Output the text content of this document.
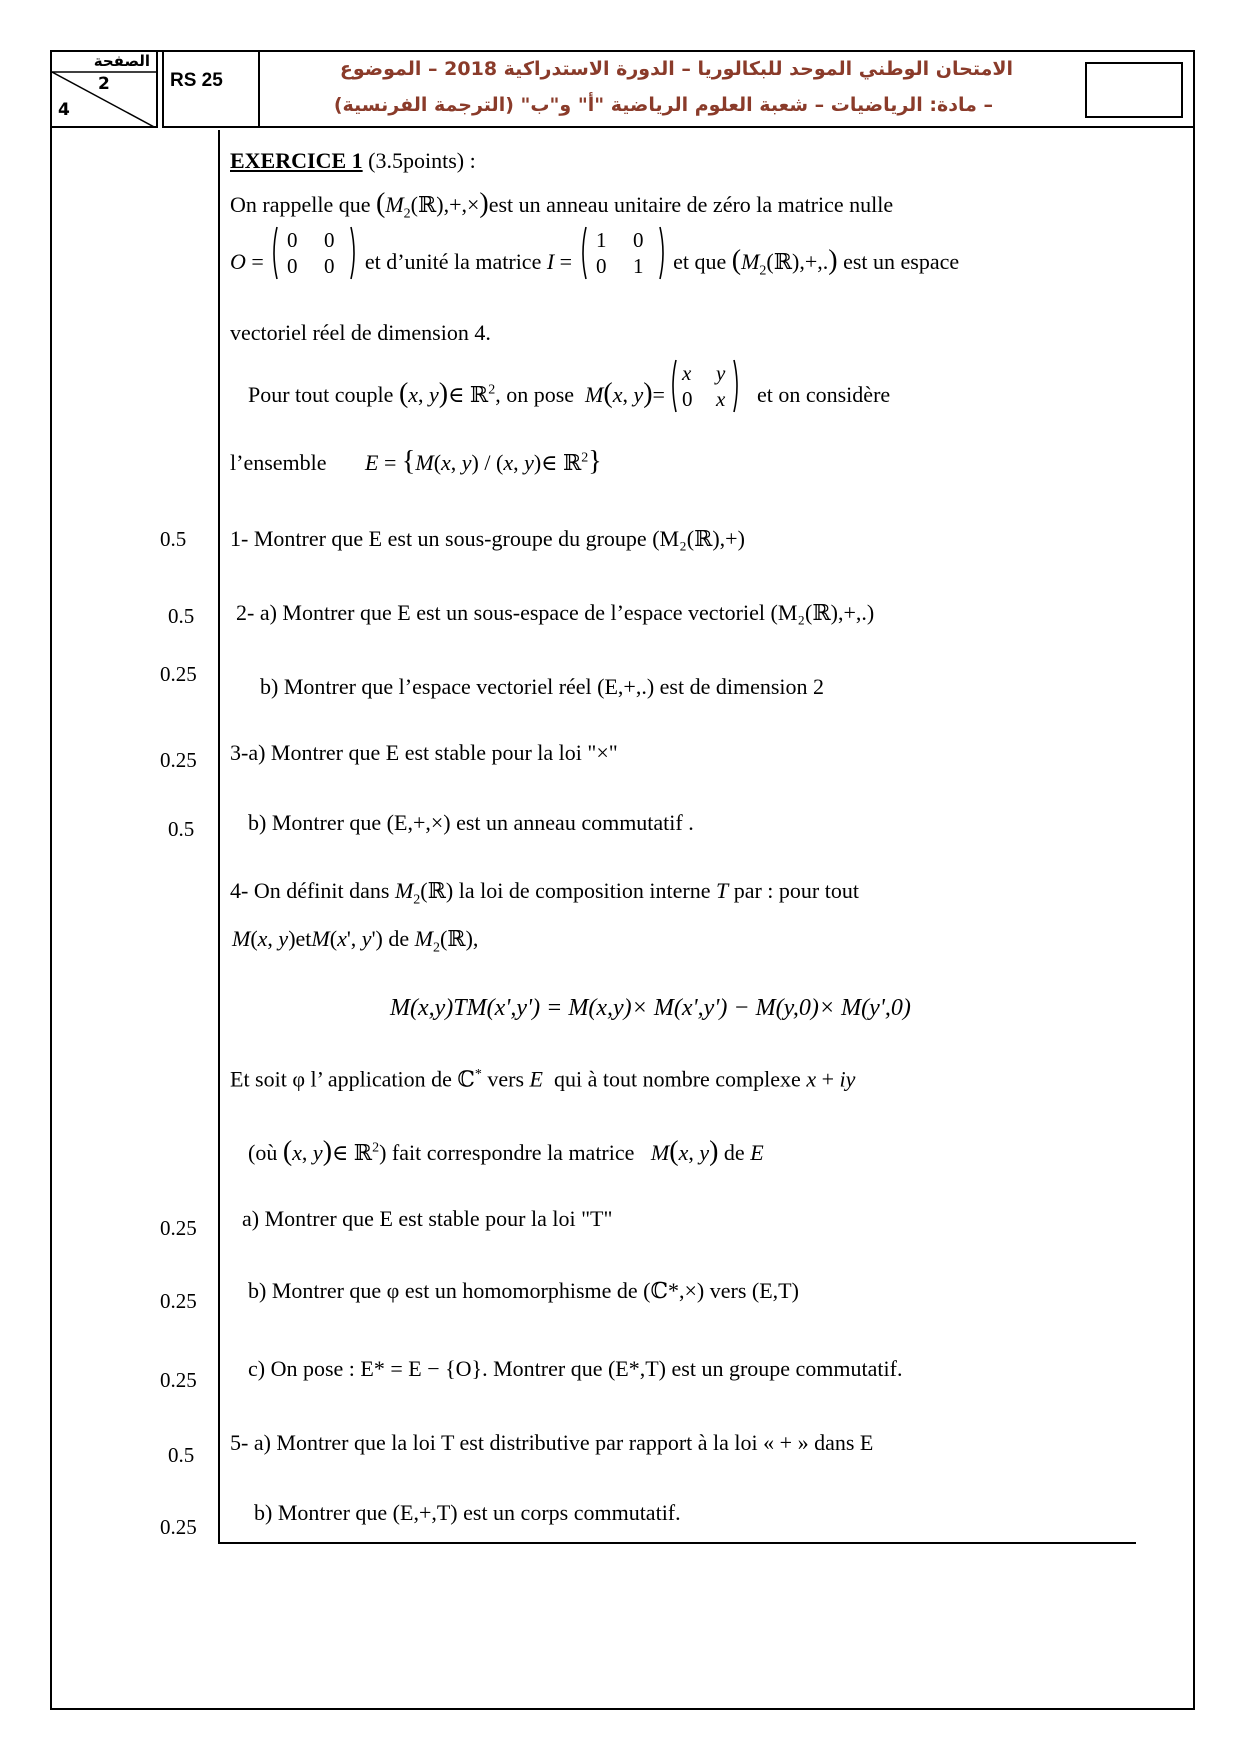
الصفحة
2
4
RS 25
الامتحان الوطني الموحد للبكالوريا – الدورة الاستدراكية 2018 – الموضوع
– مادة: الرياضيات – شعبة العلوم الرياضية "أ" و"ب" (الترجمة الفرنسية)
EXERCICE 1 (3.5points) :
On rappelle que $(M_2(ℝ),+,\times)est$ un anneau unitaire de zéro la matrice nulle
O =
0 0
0 0 et d’unité la matrice I =
1 0
0 1 et que $(M_2(ℝ),+,.)$ est un espace
vectoriel réel de dimension 4.
Pour tout couple (x, y)∈ ℝ$^2$, on pose M(x, y)=
x y
0 x et on considère
l’ensemble E = {M(x, y) / (x, y)∈ ℝ$^2$}
0.5
0.5
0.25
0.25
0.5
0.25
0.25
0.25
0.5
0.25
1- Montrer que E est un sous-groupe du groupe (M₂(ℝ),+)
2- a) Montrer que E est un sous-espace de l’espace vectoriel (M₂(ℝ),+,.)
b) Montrer que l’espace vectoriel réel (E,+,.) est de dimension 2
3-a) Montrer que E est stable pour la loi "×"
b) Montrer que (E,+,×) est un anneau commutatif .
4- On définit dans $M_2(ℝ)$ la loi de composition interne T par : pour tout
M(x, y)etM(x', y') de $M_2(ℝ)$,
M(x,y)TM(x',y') = M(x,y)× M(x',y') − M(y,0)× M(y',0)
Et soit φ l’ application de ℂ* vers E qui à tout nombre complexe x + iy
(où (x, y)∈ ℝ$^2$) fait correspondre la matrice M(x, y) de E
a) Montrer que E est stable pour la loi "T"
b) Montrer que φ est un homomorphisme de (ℂ*,×) vers (E,T)
c) On pose : E* = E − {O}. Montrer que (E*,T) est un groupe commutatif.
5- a) Montrer que la loi T est distributive par rapport à la loi « + » dans E
b) Montrer que (E,+,T) est un corps commutatif.
